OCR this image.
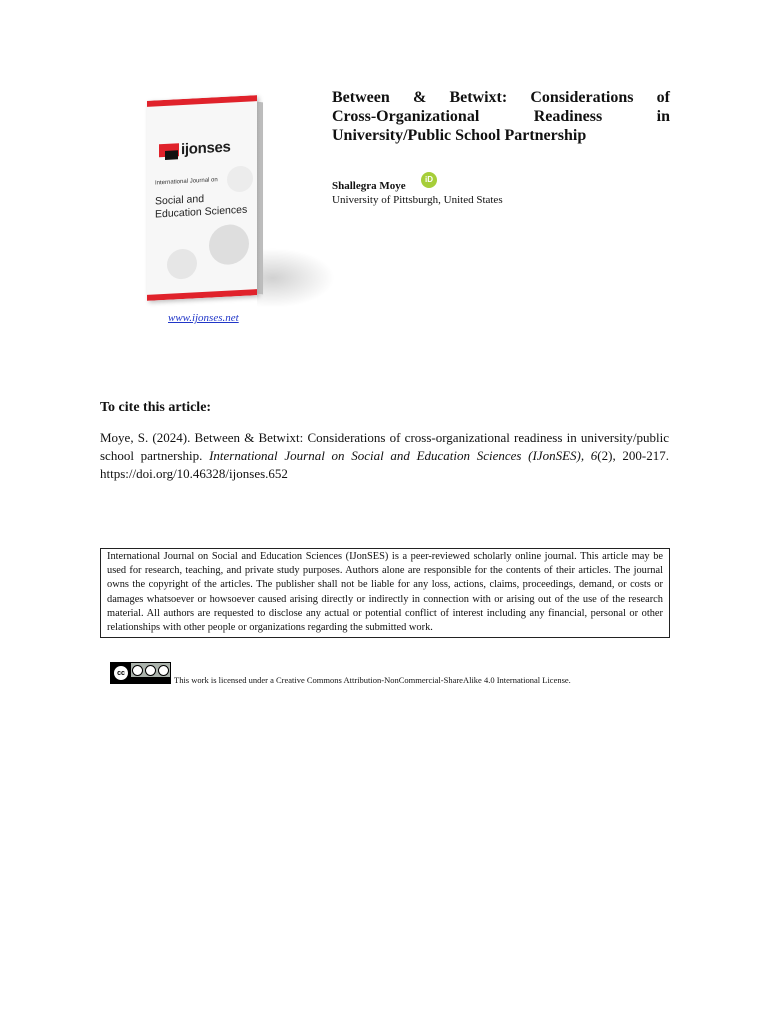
ijonses
International Journal on
Social and
Education Sciences
www.ijonses.net
Between & Betwixt: Considerations of
Cross-Organizational	Readiness	in
University/Public School Partnership
Shallegra Moye
iD
University of Pittsburgh, United States
To cite this article:
Moye, S. (2024). Between & Betwixt: Considerations of cross-organizational readiness in university/public school partnership. International Journal on Social and Education Sciences (IJonSES), 6(2), 200-217. https://doi.org/10.46328/ijonses.652
International Journal on Social and Education Sciences (IJonSES) is a peer-reviewed scholarly online journal. This article may be used for research, teaching, and private study purposes. Authors alone are responsible for the contents of their articles. The journal owns the copyright of the articles. The publisher shall not be liable for any loss, actions, claims, proceedings, demand, or costs or damages whatsoever or howsoever caused arising directly or indirectly in connection with or arising out of the use of the research material. All authors are requested to disclose any actual or potential conflict of interest including any financial, personal or other relationships with other people or organizations regarding the submitted work.
cc
This work is licensed under a Creative Commons Attribution-NonCommercial-ShareAlike 4.0 International License.
